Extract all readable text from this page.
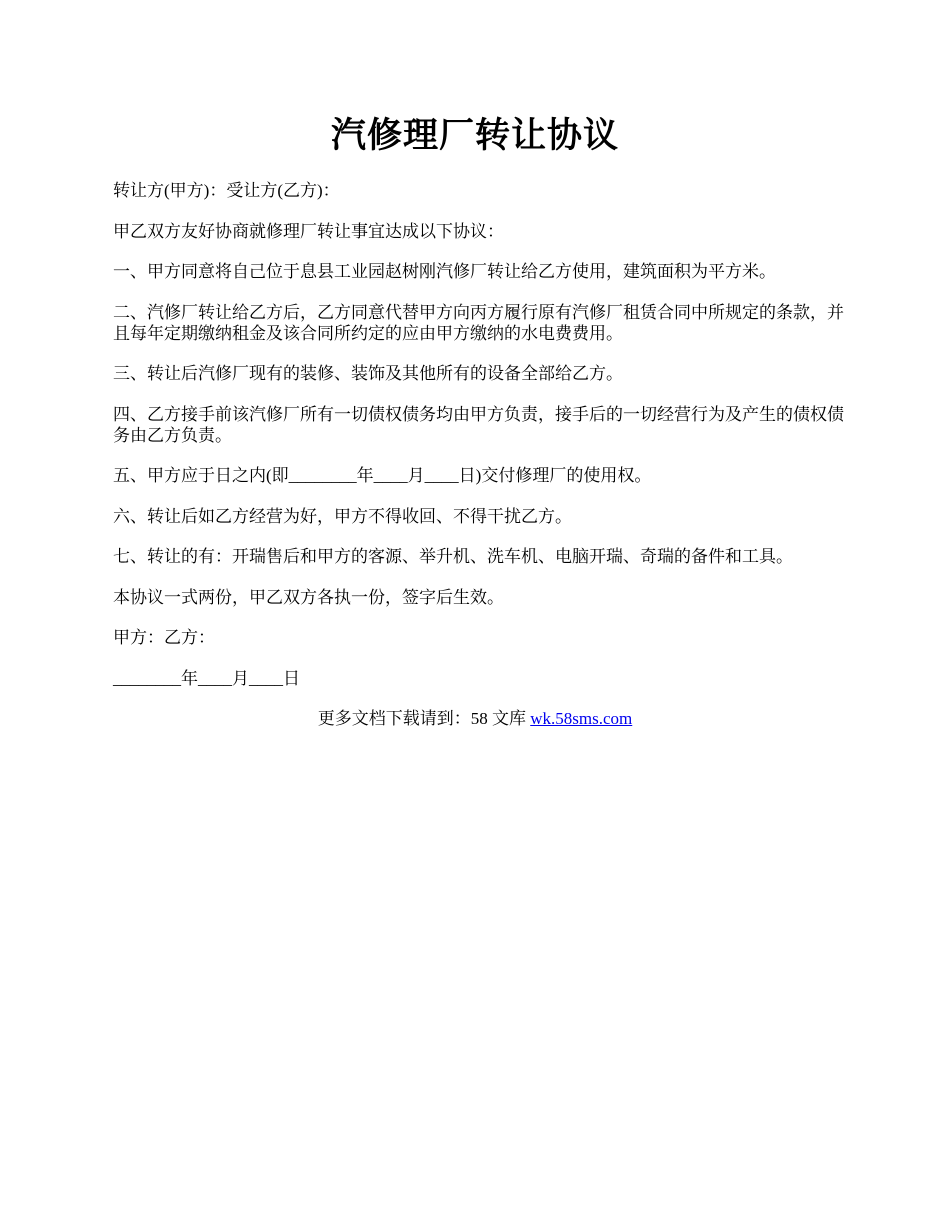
汽修理厂转让协议

转让方(甲方)：受让方(乙方)：

甲乙双方友好协商就修理厂转让事宜达成以下协议：

一、甲方同意将自己位于息县工业园赵树刚汽修厂转让给乙方使用，建筑面积为平方米。

二、汽修厂转让给乙方后，乙方同意代替甲方向丙方履行原有汽修厂租赁合同中所规定的条款，并且每年定期缴纳租金及该合同所约定的应由甲方缴纳的水电费费用。

三、转让后汽修厂现有的装修、装饰及其他所有的设备全部给乙方。

四、乙方接手前该汽修厂所有一切债权债务均由甲方负责，接手后的一切经营行为及产生的债权债务由乙方负责。

五、甲方应于日之内(即________年____月____日)交付修理厂的使用权。

六、转让后如乙方经营为好，甲方不得收回、不得干扰乙方。

七、转让的有：开瑞售后和甲方的客源、举升机、洗车机、电脑开瑞、奇瑞的备件和工具。

本协议一式两份，甲乙双方各执一份，签字后生效。

甲方：乙方：

________年____月____日

更多文档下载请到：58 文库 wk.58sms.com
